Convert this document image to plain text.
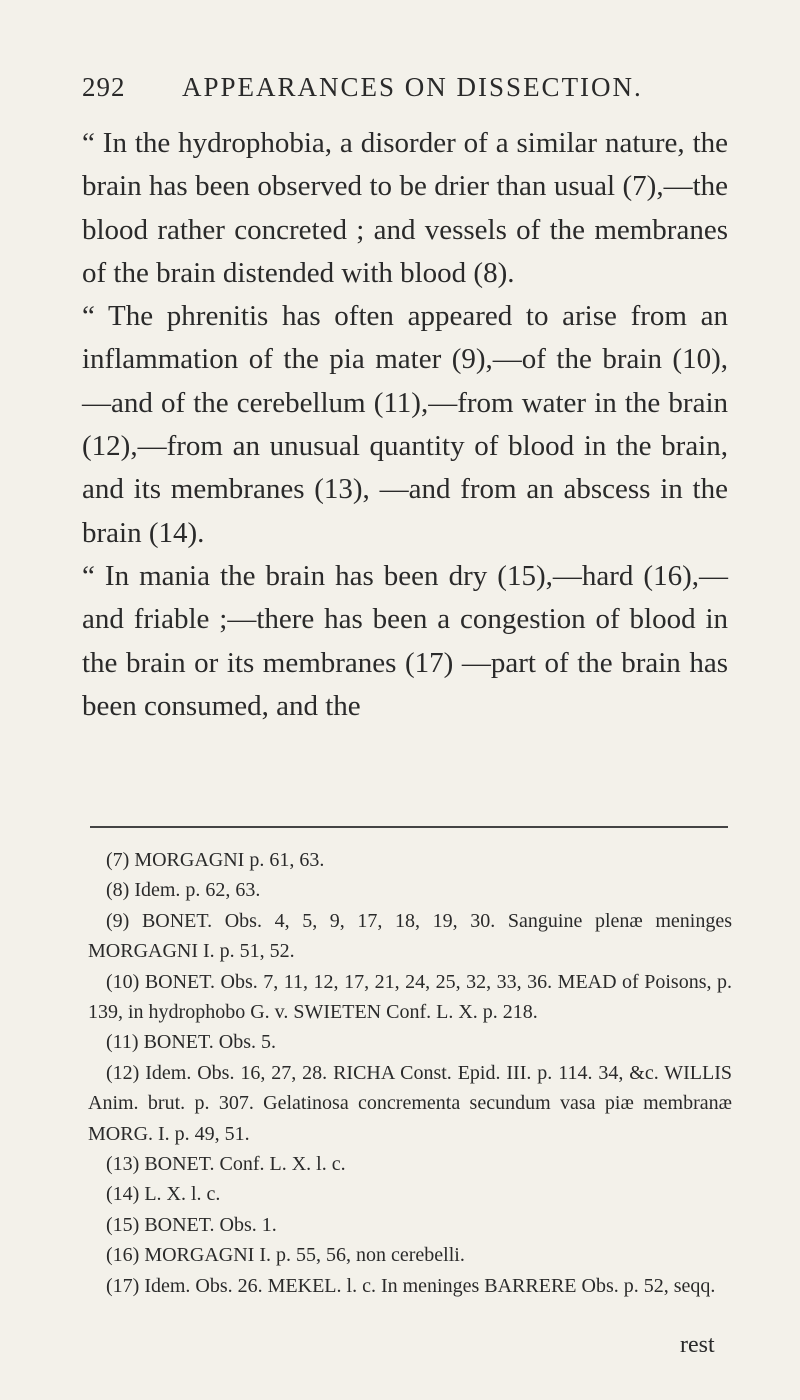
292 APPEARANCES ON DISSECTION.

“ In the hydrophobia, a disorder of a similar nature, the brain has been observed to be drier than usual (7),—the blood rather concreted ; and vessels of the membranes of the brain distended with blood (8).

“ The phrenitis has often appeared to arise from an inflammation of the pia mater (9),—of the brain (10),—and of the cerebellum (11),—from water in the brain (12),—from an unusual quantity of blood in the brain, and its membranes (13), —and from an abscess in the brain (14).

“ In mania the brain has been dry (15),—hard (16),—and friable ;—there has been a congestion of blood in the brain or its membranes (17) —part of the brain has been consumed, and the

(7) MORGAGNI p. 61, 63.

(8) Idem. p. 62, 63.

(9) BONET. Obs. 4, 5, 9, 17, 18, 19, 30. Sanguine plenæ meninges MORGAGNI I. p. 51, 52.

(10) BONET. Obs. 7, 11, 12, 17, 21, 24, 25, 32, 33, 36. MEAD of Poisons, p. 139, in hydrophobo G. v. SWIETEN Conf. L. X. p. 218.

(11) BONET. Obs. 5.

(12) Idem. Obs. 16, 27, 28. RICHA Const. Epid. III. p. 114. 34, &c. WILLIS Anim. brut. p. 307. Gelatinosa concrementa secundum vasa piæ membranæ MORG. I. p. 49, 51.

(13) BONET. Conf. L. X. l. c.

(14) L. X. l. c.

(15) BONET. Obs. 1.

(16) MORGAGNI I. p. 55, 56, non cerebelli.

(17) Idem. Obs. 26. MEKEL. l. c. In meninges BARRERE Obs. p. 52, seqq.

rest
